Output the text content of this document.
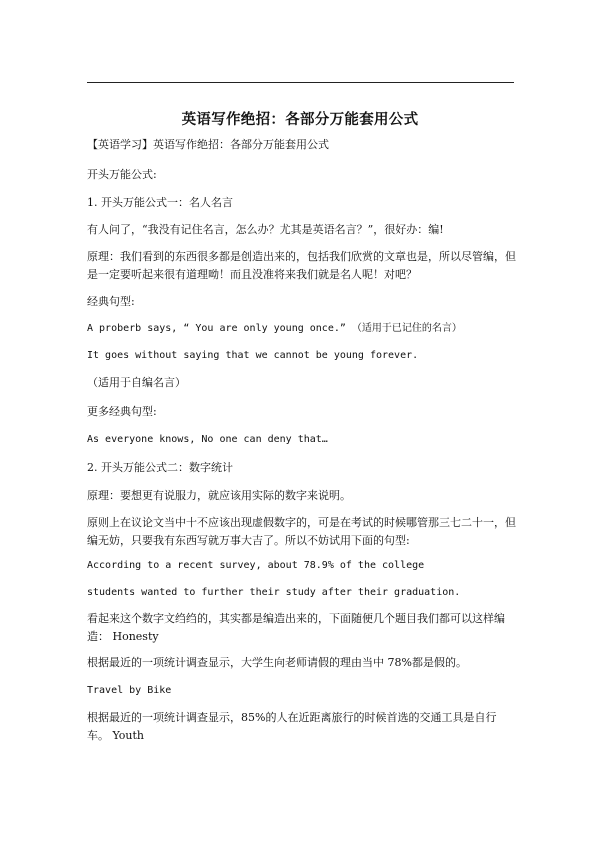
英语写作绝招：各部分万能套用公式
【英语学习】英语写作绝招：各部分万能套用公式
开头万能公式:
1. 开头万能公式一：名人名言
有人问了，“我没有记住名言，怎么办？尤其是英语名言？”，很好办：编!
原理：我们看到的东西很多都是创造出来的，包括我们欣赏的文章也是，所以尽管编，但是一定要听起来很有道理呦！而且没准将来我们就是名人呢！对吧？
经典句型:
A proberb says, “ You are only young once.” （适用于已记住的名言）
It goes without saying that we cannot be young forever.
（适用于自编名言）
更多经典句型:
As everyone knows, No one can deny that…
2. 开头万能公式二：数字统计
原理：要想更有说服力，就应该用实际的数字来说明。
原则上在议论文当中十不应该出现虚假数字的，可是在考试的时候哪管那三七二十一，但编无妨，只要我有东西写就万事大吉了。所以不妨试用下面的句型:
According to a recent survey, about 78.9% of the college
students wanted to further their study after their graduation.
看起来这个数字文绉绉的，其实都是编造出来的，下面随便几个题目我们都可以这样编造： Honesty
根据最近的一项统计调查显示，大学生向老师请假的理由当中 78%都是假的。
Travel by Bike
根据最近的一项统计调查显示，85%的人在近距离旅行的时候首选的交通工具是自行车。 Youth
